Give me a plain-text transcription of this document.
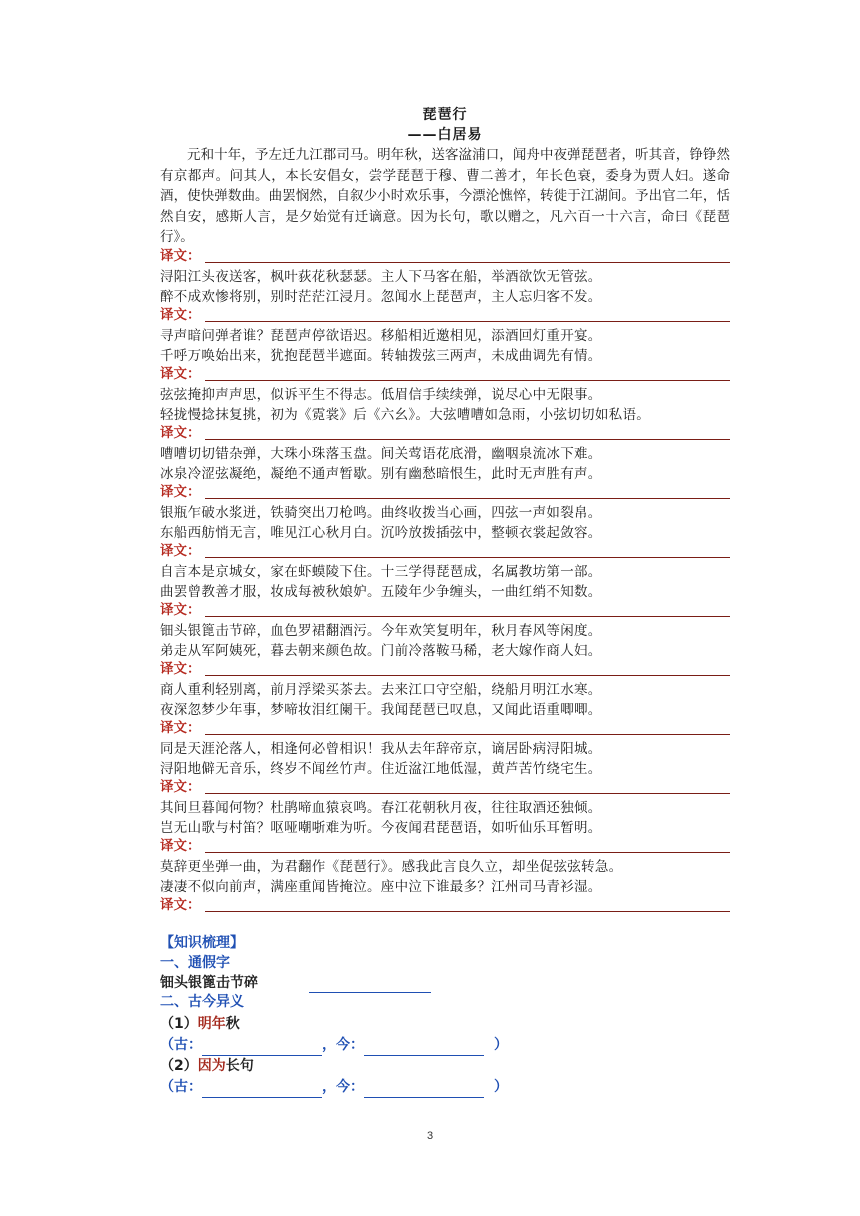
琵琶行
——白居易
元和十年，予左迁九江郡司马。明年秋，送客湓浦口，闻舟中夜弹琵琶者，听其音，铮铮然有京都声。问其人，本长安倡女，尝学琵琶于穆、曹二善才，年长色衰，委身为贾人妇。遂命酒，使快弹数曲。曲罢悯然，自叙少小时欢乐事，今漂沦憔悴，转徙于江湖间。予出官二年，恬然自安，感斯人言，是夕始觉有迁谪意。因为长句，歌以赠之，凡六百一十六言，命曰《琵琶行》。
译文：
浔阳江头夜送客，枫叶荻花秋瑟瑟。主人下马客在船，举酒欲饮无管弦。
醉不成欢惨将别，别时茫茫江浸月。忽闻水上琵琶声，主人忘归客不发。
译文：
寻声暗问弹者谁？琵琶声停欲语迟。移船相近邀相见，添酒回灯重开宴。
千呼万唤始出来，犹抱琵琶半遮面。转轴拨弦三两声，未成曲调先有情。
译文：
弦弦掩抑声声思，似诉平生不得志。低眉信手续续弹，说尽心中无限事。
轻拢慢捻抹复挑，初为《霓裳》后《六幺》。大弦嘈嘈如急雨，小弦切切如私语。
译文：
嘈嘈切切错杂弹，大珠小珠落玉盘。间关莺语花底滑，幽咽泉流冰下难。
冰泉冷涩弦凝绝，凝绝不通声暂歇。别有幽愁暗恨生，此时无声胜有声。
译文：
银瓶乍破水浆迸，铁骑突出刀枪鸣。曲终收拨当心画，四弦一声如裂帛。
东船西舫悄无言，唯见江心秋月白。沉吟放拨插弦中，整顿衣裳起敛容。
译文：
自言本是京城女，家在虾蟆陵下住。十三学得琵琶成，名属教坊第一部。
曲罢曾教善才服，妆成每被秋娘妒。五陵年少争缠头，一曲红绡不知数。
译文：
钿头银篦击节碎，血色罗裙翻酒污。今年欢笑复明年，秋月春风等闲度。
弟走从军阿姨死，暮去朝来颜色故。门前冷落鞍马稀，老大嫁作商人妇。
译文：
商人重利轻别离，前月浮梁买茶去。去来江口守空船，绕船月明江水寒。
夜深忽梦少年事，梦啼妆泪红阑干。我闻琵琶已叹息，又闻此语重唧唧。
译文：
同是天涯沦落人，相逢何必曾相识！我从去年辞帝京，谪居卧病浔阳城。
浔阳地僻无音乐，终岁不闻丝竹声。住近湓江地低湿，黄芦苦竹绕宅生。
译文：
其间旦暮闻何物？杜鹃啼血猿哀鸣。春江花朝秋月夜，往往取酒还独倾。
岂无山歌与村笛？呕哑嘲哳难为听。今夜闻君琵琶语，如听仙乐耳暂明。
译文：
莫辞更坐弹一曲，为君翻作《琵琶行》。感我此言良久立，却坐促弦弦转急。
凄凄不似向前声，满座重闻皆掩泣。座中泣下谁最多？江州司马青衫湿。
译文：
【知识梳理】
一、通假字
钿头银篦击节碎
二、古今异义
（1）明年秋
（古：	，今：	）
（2）因为长句
（古：	，今：	）
3
